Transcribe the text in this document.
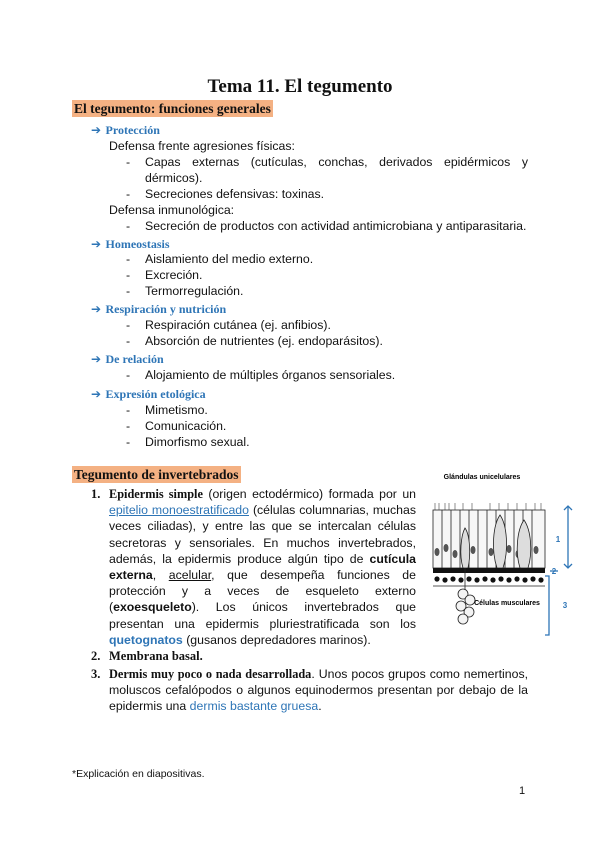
Tema 11. El tegumento
El tegumento: funciones generales
➔ Protección
Defensa frente agresiones físicas:
- Capas externas (cutículas, conchas, derivados epidérmicos y
dérmicos).
- Secreciones defensivas: toxinas.
Defensa inmunológica:
- Secreción de productos con actividad antimicrobiana y antiparasitaria.
➔ Homeostasis
- Aislamiento del medio externo.
- Excreción.
- Termorregulación.
➔ Respiración y nutrición
- Respiración cutánea (ej. anfibios).
- Absorción de nutrientes (ej. endoparásitos).
➔ De relación
- Alojamiento de múltiples órganos sensoriales.
➔ Expresión etológica
- Mimetismo.
- Comunicación.
- Dimorfismo sexual.
Tegumento de invertebrados
1. Epidermis simple (origen ectodérmico) formada por un epitelio monoestratificado (células columnarias, muchas veces ciliadas), y entre las que se intercalan células secretoras y sensoriales. En muchos invertebrados, además, la epidermis produce algún tipo de cutícula externa, acelular, que desempeña funciones de protección y a veces de esqueleto externo (exoesqueleto). Los únicos invertebrados que presentan una epidermis pluriestratificada son los quetognatos (gusanos depredadores marinos).
2. Membrana basal.
3. Dermis muy poco o nada desarrollada. Unos pocos grupos como nemertinos, moluscos cefalópodos o algunos equinodermos presentan por debajo de la epidermis una dermis bastante gruesa.
Glándulas unicelulares
Células musculares
1
2
3
*Explicación en diapositivas.
1
